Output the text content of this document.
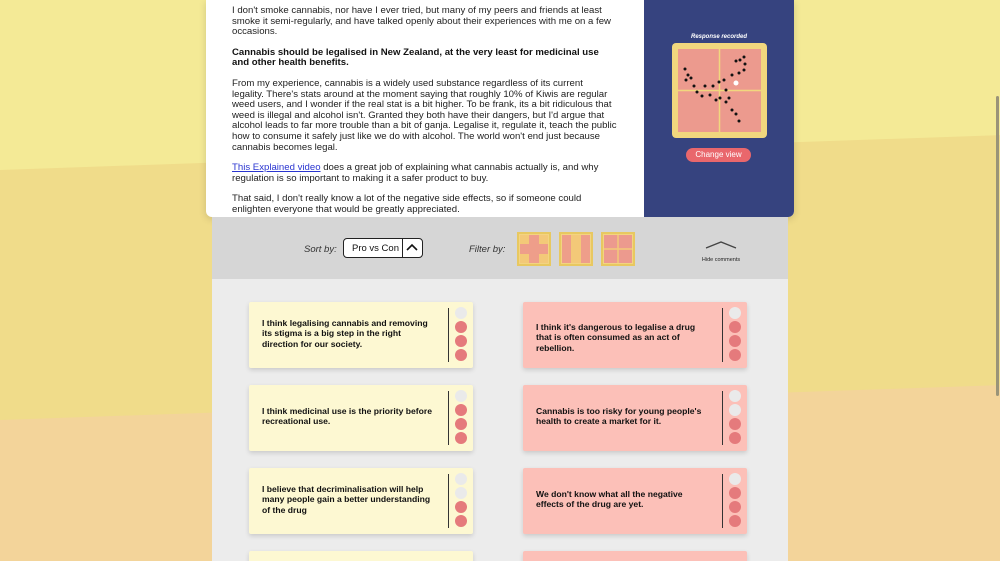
I don't smoke cannabis, nor have I ever tried, but many of my peers and friends at least smoke it semi-regularly, and have talked openly about their experiences with me on a few occasions.

Cannabis should be legalised in New Zealand, at the very least for medicinal use and other health benefits.

From my experience, cannabis is a widely used substance regardless of its current legality. There's stats around at the moment saying that roughly 10% of Kiwis are regular weed users, and I wonder if the real stat is a bit higher. To be frank, its a bit ridiculous that weed is illegal and alcohol isn't. Granted they both have their dangers, but I'd argue that alcohol leads to far more trouble than a bit of ganja. Legalise it, regulate it, teach the public how to consume it safely just like we do with alcohol. The world won't end just because cannabis becomes legal.

This Explained video does a great job of explaining what cannabis actually is, and why regulation is so important to making it a safer product to buy.

That said, I don't really know a lot of the negative side effects, so if someone could enlighten everyone that would be greatly appreciated.

Response recorded
Change view
Sort by: Pro vs Con	Filter by:
Hide comments
I think legalising cannabis and removing its stigma is a big step in the right direction for our society.
I think medicinal use is the priority before recreational use.
I believe that decriminalisation will help many people gain a better understanding of the drug
I think it's dangerous to legalise a drug that is often consumed as an act of rebellion.
Cannabis is too risky for young people's health to create a market for it.
We don't know what all the negative effects of the drug are yet.
